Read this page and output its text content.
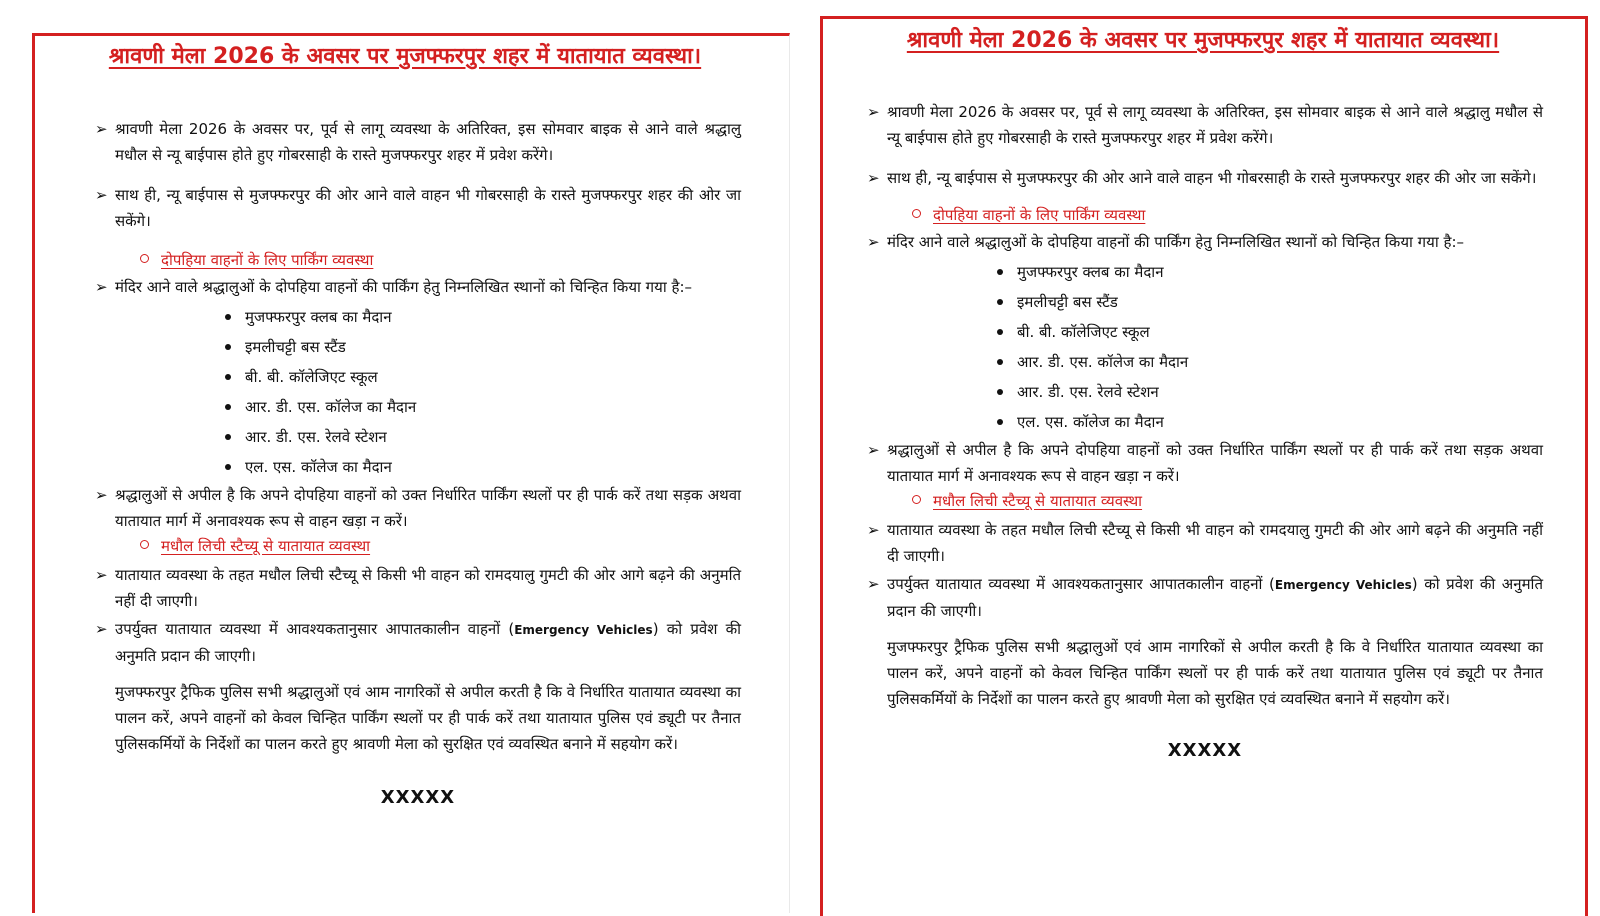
श्रावणी मेला 2026 के अवसर पर मुजफ्फरपुर शहर में यातायात व्यवस्था।

➢ श्रावणी मेला 2026 के अवसर पर, पूर्व से लागू व्यवस्था के अतिरिक्त, इस सोमवार बाइक से आने वाले श्रद्धालु मधौल से न्यू बाईपास होते हुए गोबरसाही के रास्ते मुजफ्फरपुर शहर में प्रवेश करेंगे।

➢ साथ ही, न्यू बाईपास से मुजफ्फरपुर की ओर आने वाले वाहन भी गोबरसाही के रास्ते मुजफ्फरपुर शहर की ओर जा सकेंगे।

दोपहिया वाहनों के लिए पार्किंग व्यवस्था

➢ मंदिर आने वाले श्रद्धालुओं के दोपहिया वाहनों की पार्किंग हेतु निम्नलिखित स्थानों को चिन्हित किया गया है:–

मुजफ्फरपुर क्लब का मैदान
इमलीचट्टी बस स्टैंड
बी. बी. कॉलेजिएट स्कूल
आर. डी. एस. कॉलेज का मैदान
आर. डी. एस. रेलवे स्टेशन
एल. एस. कॉलेज का मैदान

➢ श्रद्धालुओं से अपील है कि अपने दोपहिया वाहनों को उक्त निर्धारित पार्किंग स्थलों पर ही पार्क करें तथा सड़क अथवा यातायात मार्ग में अनावश्यक रूप से वाहन खड़ा न करें।

मधौल लिची स्टैच्यू से यातायात व्यवस्था

➢ यातायात व्यवस्था के तहत मधौल लिची स्टैच्यू से किसी भी वाहन को रामदयालु गुमटी की ओर आगे बढ़ने की अनुमति नहीं दी जाएगी।

➢ उपर्युक्त यातायात व्यवस्था में आवश्यकतानुसार आपातकालीन वाहनों (Emergency Vehicles) को प्रवेश की अनुमति प्रदान की जाएगी।

मुजफ्फरपुर ट्रैफिक पुलिस सभी श्रद्धालुओं एवं आम नागरिकों से अपील करती है कि वे निर्धारित यातायात व्यवस्था का पालन करें, अपने वाहनों को केवल चिन्हित पार्किंग स्थलों पर ही पार्क करें तथा यातायात पुलिस एवं ड्यूटी पर तैनात पुलिसकर्मियों के निर्देशों का पालन करते हुए श्रावणी मेला को सुरक्षित एवं व्यवस्थित बनाने में सहयोग करें।

XXXXX

श्रावणी मेला 2026 के अवसर पर मुजफ्फरपुर शहर में यातायात व्यवस्था।

➢ श्रावणी मेला 2026 के अवसर पर, पूर्व से लागू व्यवस्था के अतिरिक्त, इस सोमवार बाइक से आने वाले श्रद्धालु मधौल से न्यू बाईपास होते हुए गोबरसाही के रास्ते मुजफ्फरपुर शहर में प्रवेश करेंगे।

➢ साथ ही, न्यू बाईपास से मुजफ्फरपुर की ओर आने वाले वाहन भी गोबरसाही के रास्ते मुजफ्फरपुर शहर की ओर जा सकेंगे।

दोपहिया वाहनों के लिए पार्किंग व्यवस्था

➢ मंदिर आने वाले श्रद्धालुओं के दोपहिया वाहनों की पार्किंग हेतु निम्नलिखित स्थानों को चिन्हित किया गया है:–

मुजफ्फरपुर क्लब का मैदान
इमलीचट्टी बस स्टैंड
बी. बी. कॉलेजिएट स्कूल
आर. डी. एस. कॉलेज का मैदान
आर. डी. एस. रेलवे स्टेशन
एल. एस. कॉलेज का मैदान

➢ श्रद्धालुओं से अपील है कि अपने दोपहिया वाहनों को उक्त निर्धारित पार्किंग स्थलों पर ही पार्क करें तथा सड़क अथवा यातायात मार्ग में अनावश्यक रूप से वाहन खड़ा न करें।

मधौल लिची स्टैच्यू से यातायात व्यवस्था

➢ यातायात व्यवस्था के तहत मधौल लिची स्टैच्यू से किसी भी वाहन को रामदयालु गुमटी की ओर आगे बढ़ने की अनुमति नहीं दी जाएगी।

➢ उपर्युक्त यातायात व्यवस्था में आवश्यकतानुसार आपातकालीन वाहनों (Emergency Vehicles) को प्रवेश की अनुमति प्रदान की जाएगी।

मुजफ्फरपुर ट्रैफिक पुलिस सभी श्रद्धालुओं एवं आम नागरिकों से अपील करती है कि वे निर्धारित यातायात व्यवस्था का पालन करें, अपने वाहनों को केवल चिन्हित पार्किंग स्थलों पर ही पार्क करें तथा यातायात पुलिस एवं ड्यूटी पर तैनात पुलिसकर्मियों के निर्देशों का पालन करते हुए श्रावणी मेला को सुरक्षित एवं व्यवस्थित बनाने में सहयोग करें।

XXXXX
